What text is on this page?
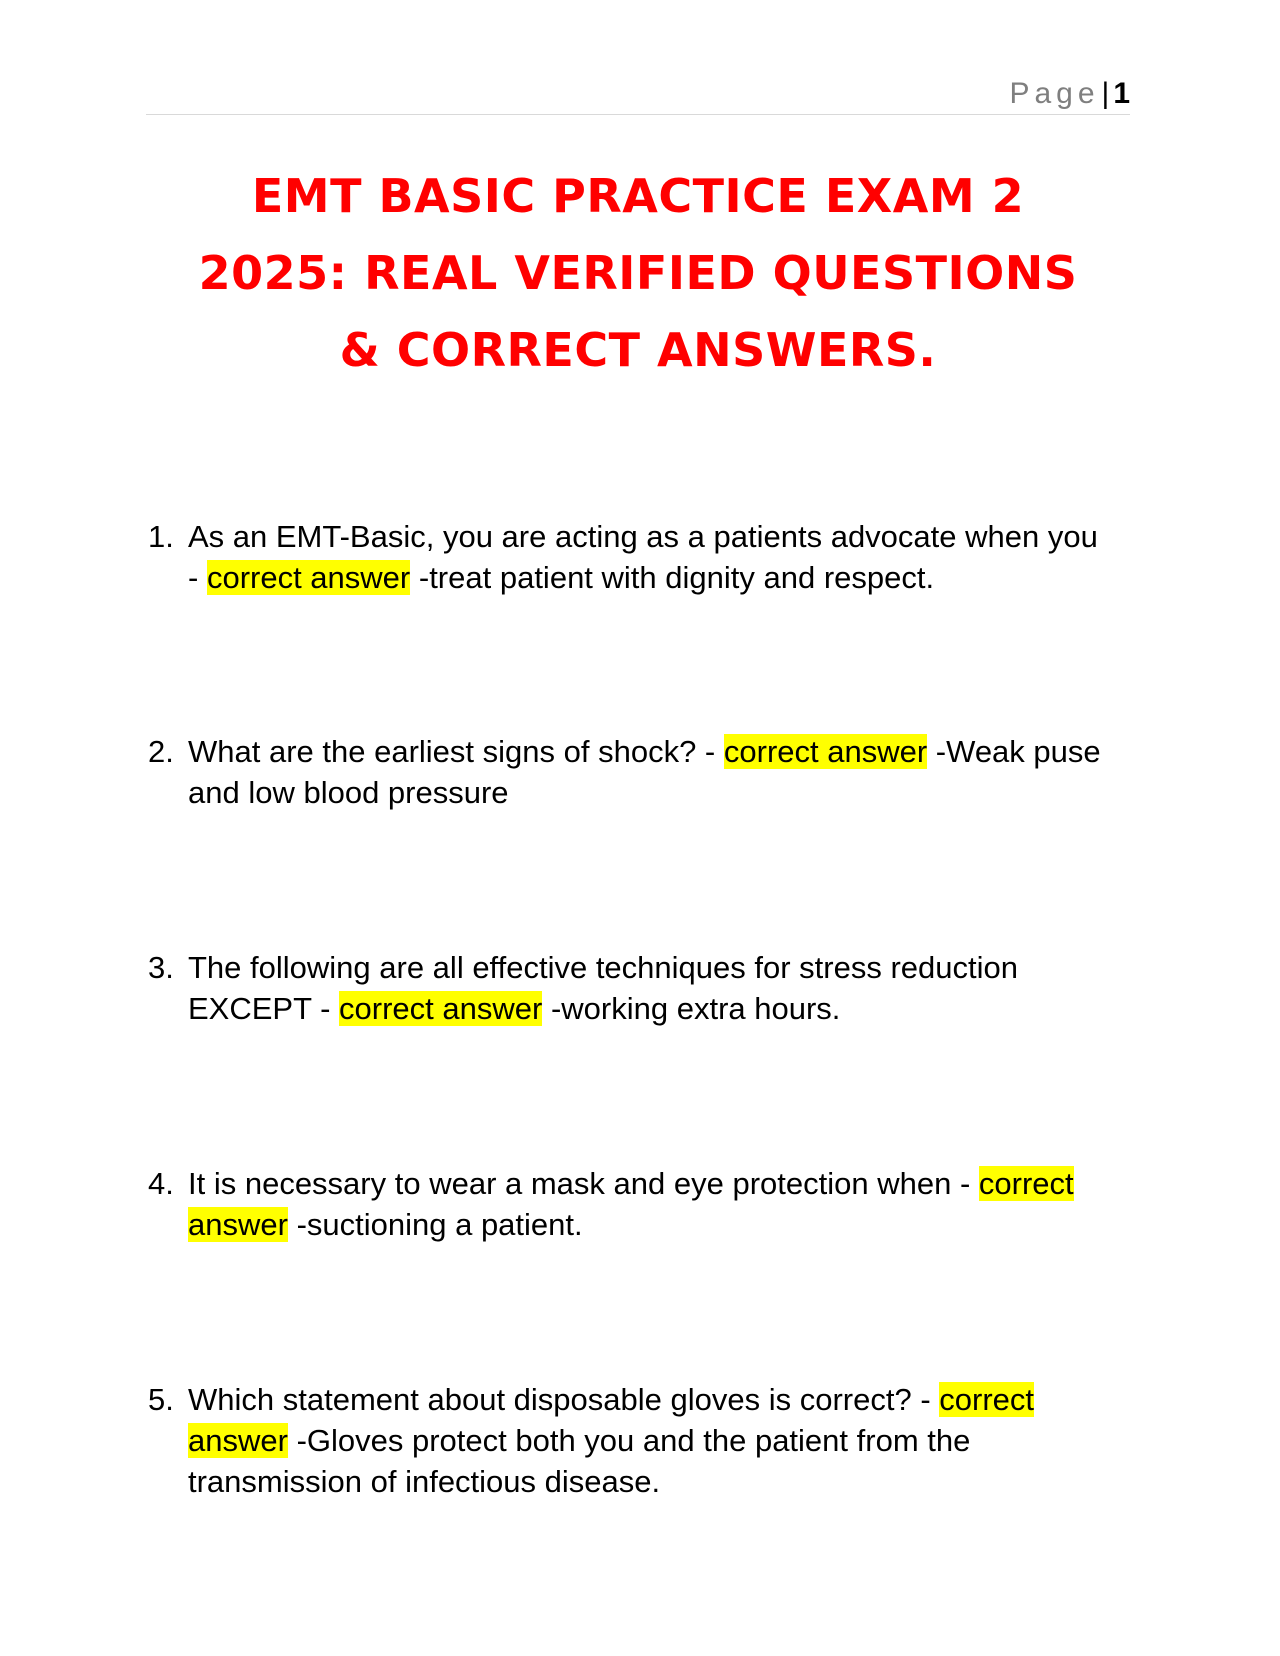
Page| 1
EMT BASIC PRACTICE EXAM 2
2025: REAL VERIFIED QUESTIONS
& CORRECT ANSWERS.
1. As an EMT-Basic, you are acting as a patients advocate when you - correct answer -treat patient with dignity and respect.
2. What are the earliest signs of shock? - correct answer -Weak puse and low blood pressure
3. The following are all effective techniques for stress reduction EXCEPT - correct answer -working extra hours.
4. It is necessary to wear a mask and eye protection when - correct answer -suctioning a patient.
5. Which statement about disposable gloves is correct? - correct answer -Gloves protect both you and the patient from the transmission of infectious disease.
